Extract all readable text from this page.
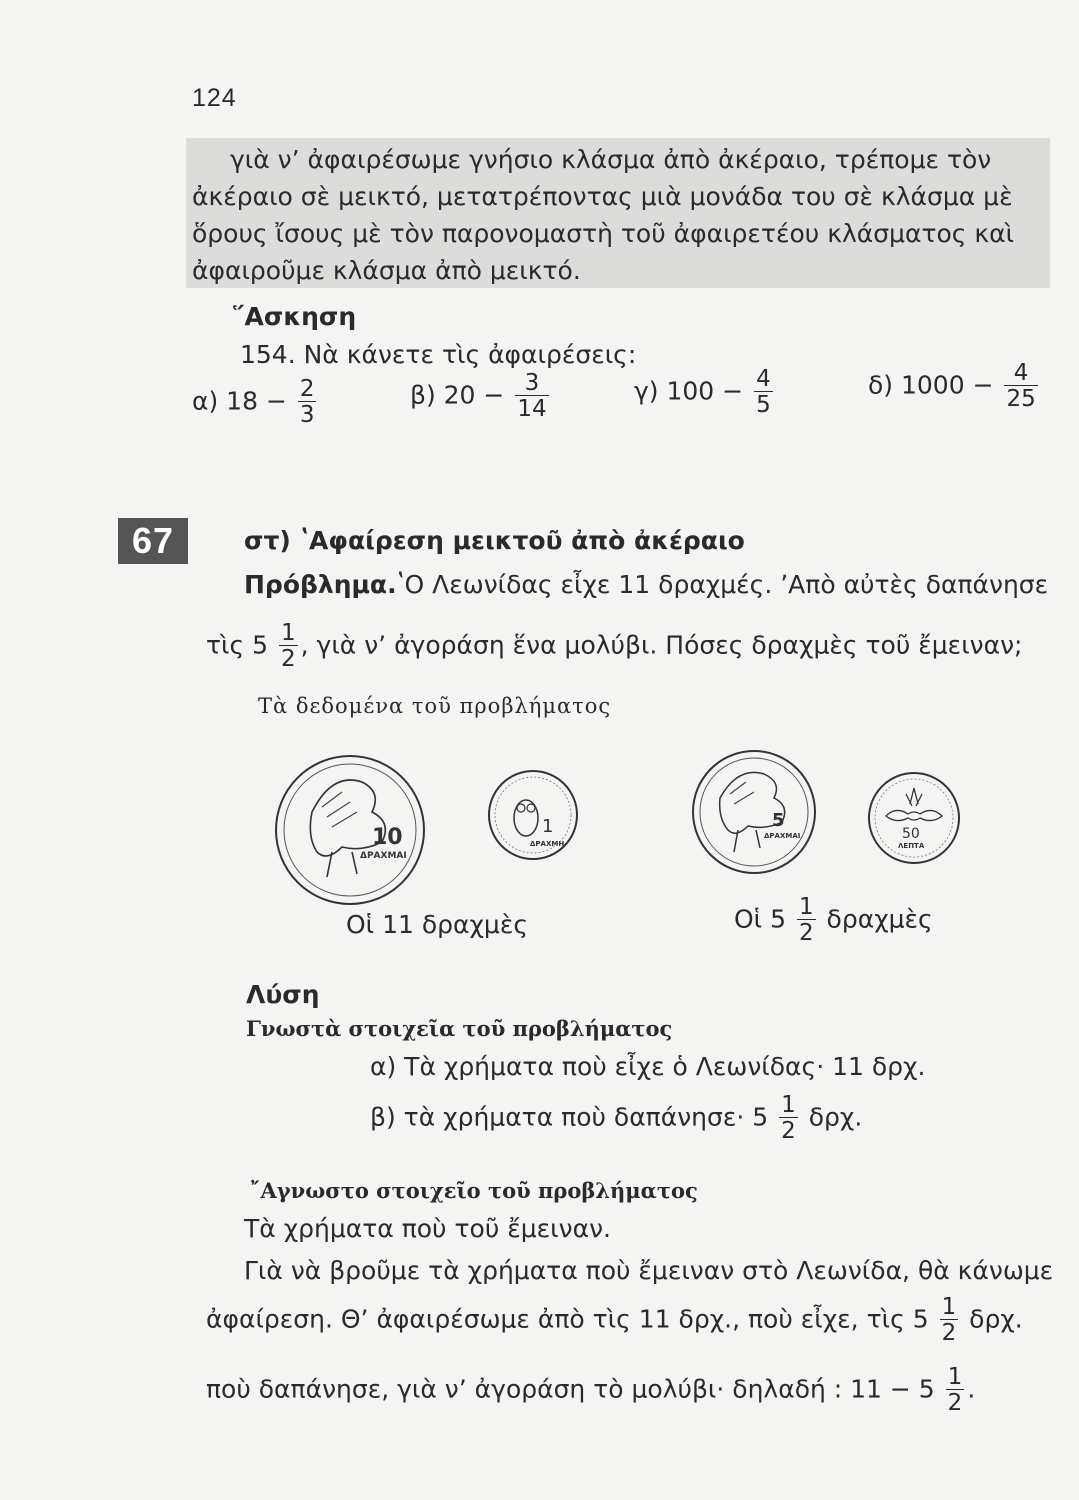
124
γιὰ ν’ ἀφαιρέσωμε γνήσιο κλάσμα ἀπὸ ἀκέραιο, τρέπομε τὸν
ἀκέραιο σὲ μεικτό, μετατρέποντας μιὰ μονάδα του σὲ κλάσμα μὲ
ὅρους ἴσους μὲ τὸν παρονομαστὴ τοῦ ἀφαιρετέου κλάσματος καὶ
ἀφαιροῦμε κλάσμα ἀπὸ μεικτό.
῞Ασκηση
154. Νὰ κάνετε τὶς ἀφαιρέσεις:
α) $18 - \frac{2}{3}$	β) $20 - \frac{3}{14}$	γ) $100 - \frac{4}{5}$	δ) $1000 - \frac{4}{25}$
67	στ) ʽΑφαίρεση μεικτοῦ ἀπὸ ἀκέραιο
Πρόβλημα.ʽΟ Λεωνίδας εἶχε 11 δραχμές. ʼΑπὸ αὐτὲς δαπάνησε
τὶς $5 \frac{1}{2}$ , γιὰ ν’ ἀγοράση ἕνα μολύβι. Πόσες δραχμὲς τοῦ ἔμειναν;
Τὰ δεδομένα τοῦ προβλήματος
10
ΔΡΑΧΜΑΙ
1
ΔΡΑΧΜΗ
5
ΔΡΑΧΜΑΙ	50
ΛΕΠΤΑ
Οἱ 11 δραχμὲς	Οἱ $5 \frac{1}{2}$ δραχμὲς
Λύση
Γνωστὰ στοιχεῖα τοῦ προβλήματος
α) Τὰ χρήματα ποὺ εἶχε ὁ Λεωνίδας· 11 δρχ.
β) τὰ χρήματα ποὺ $\delta\alpha\pi ά\nu\eta\sigma\varepsilon\cdot 5 \frac{1}{2} \delta\rho\chi$.
῎Αγνωστο στοιχεῖο τοῦ προβλήματος
Τὰ χρήματα ποὺ τοῦ ἔμειναν.
Γιὰ νὰ βροῦμε τὰ χρήματα ποὺ ἔμειναν στὸ Λεωνίδα, θὰ κάνωμε
ἀφαίρεση. Θ’ ἀφαιρέσωμε ἀπὸ τὶς 11 δρχ., ποὺ εἶχε, τὶς $5 \frac{1}{2} \delta\rho\chi$.
ποὺ δαπάνησε, γιὰ ν’ ἀγοράση τὸ μολύβι· δηλαδή : $11 - 5 \frac{1}{2}$ .
